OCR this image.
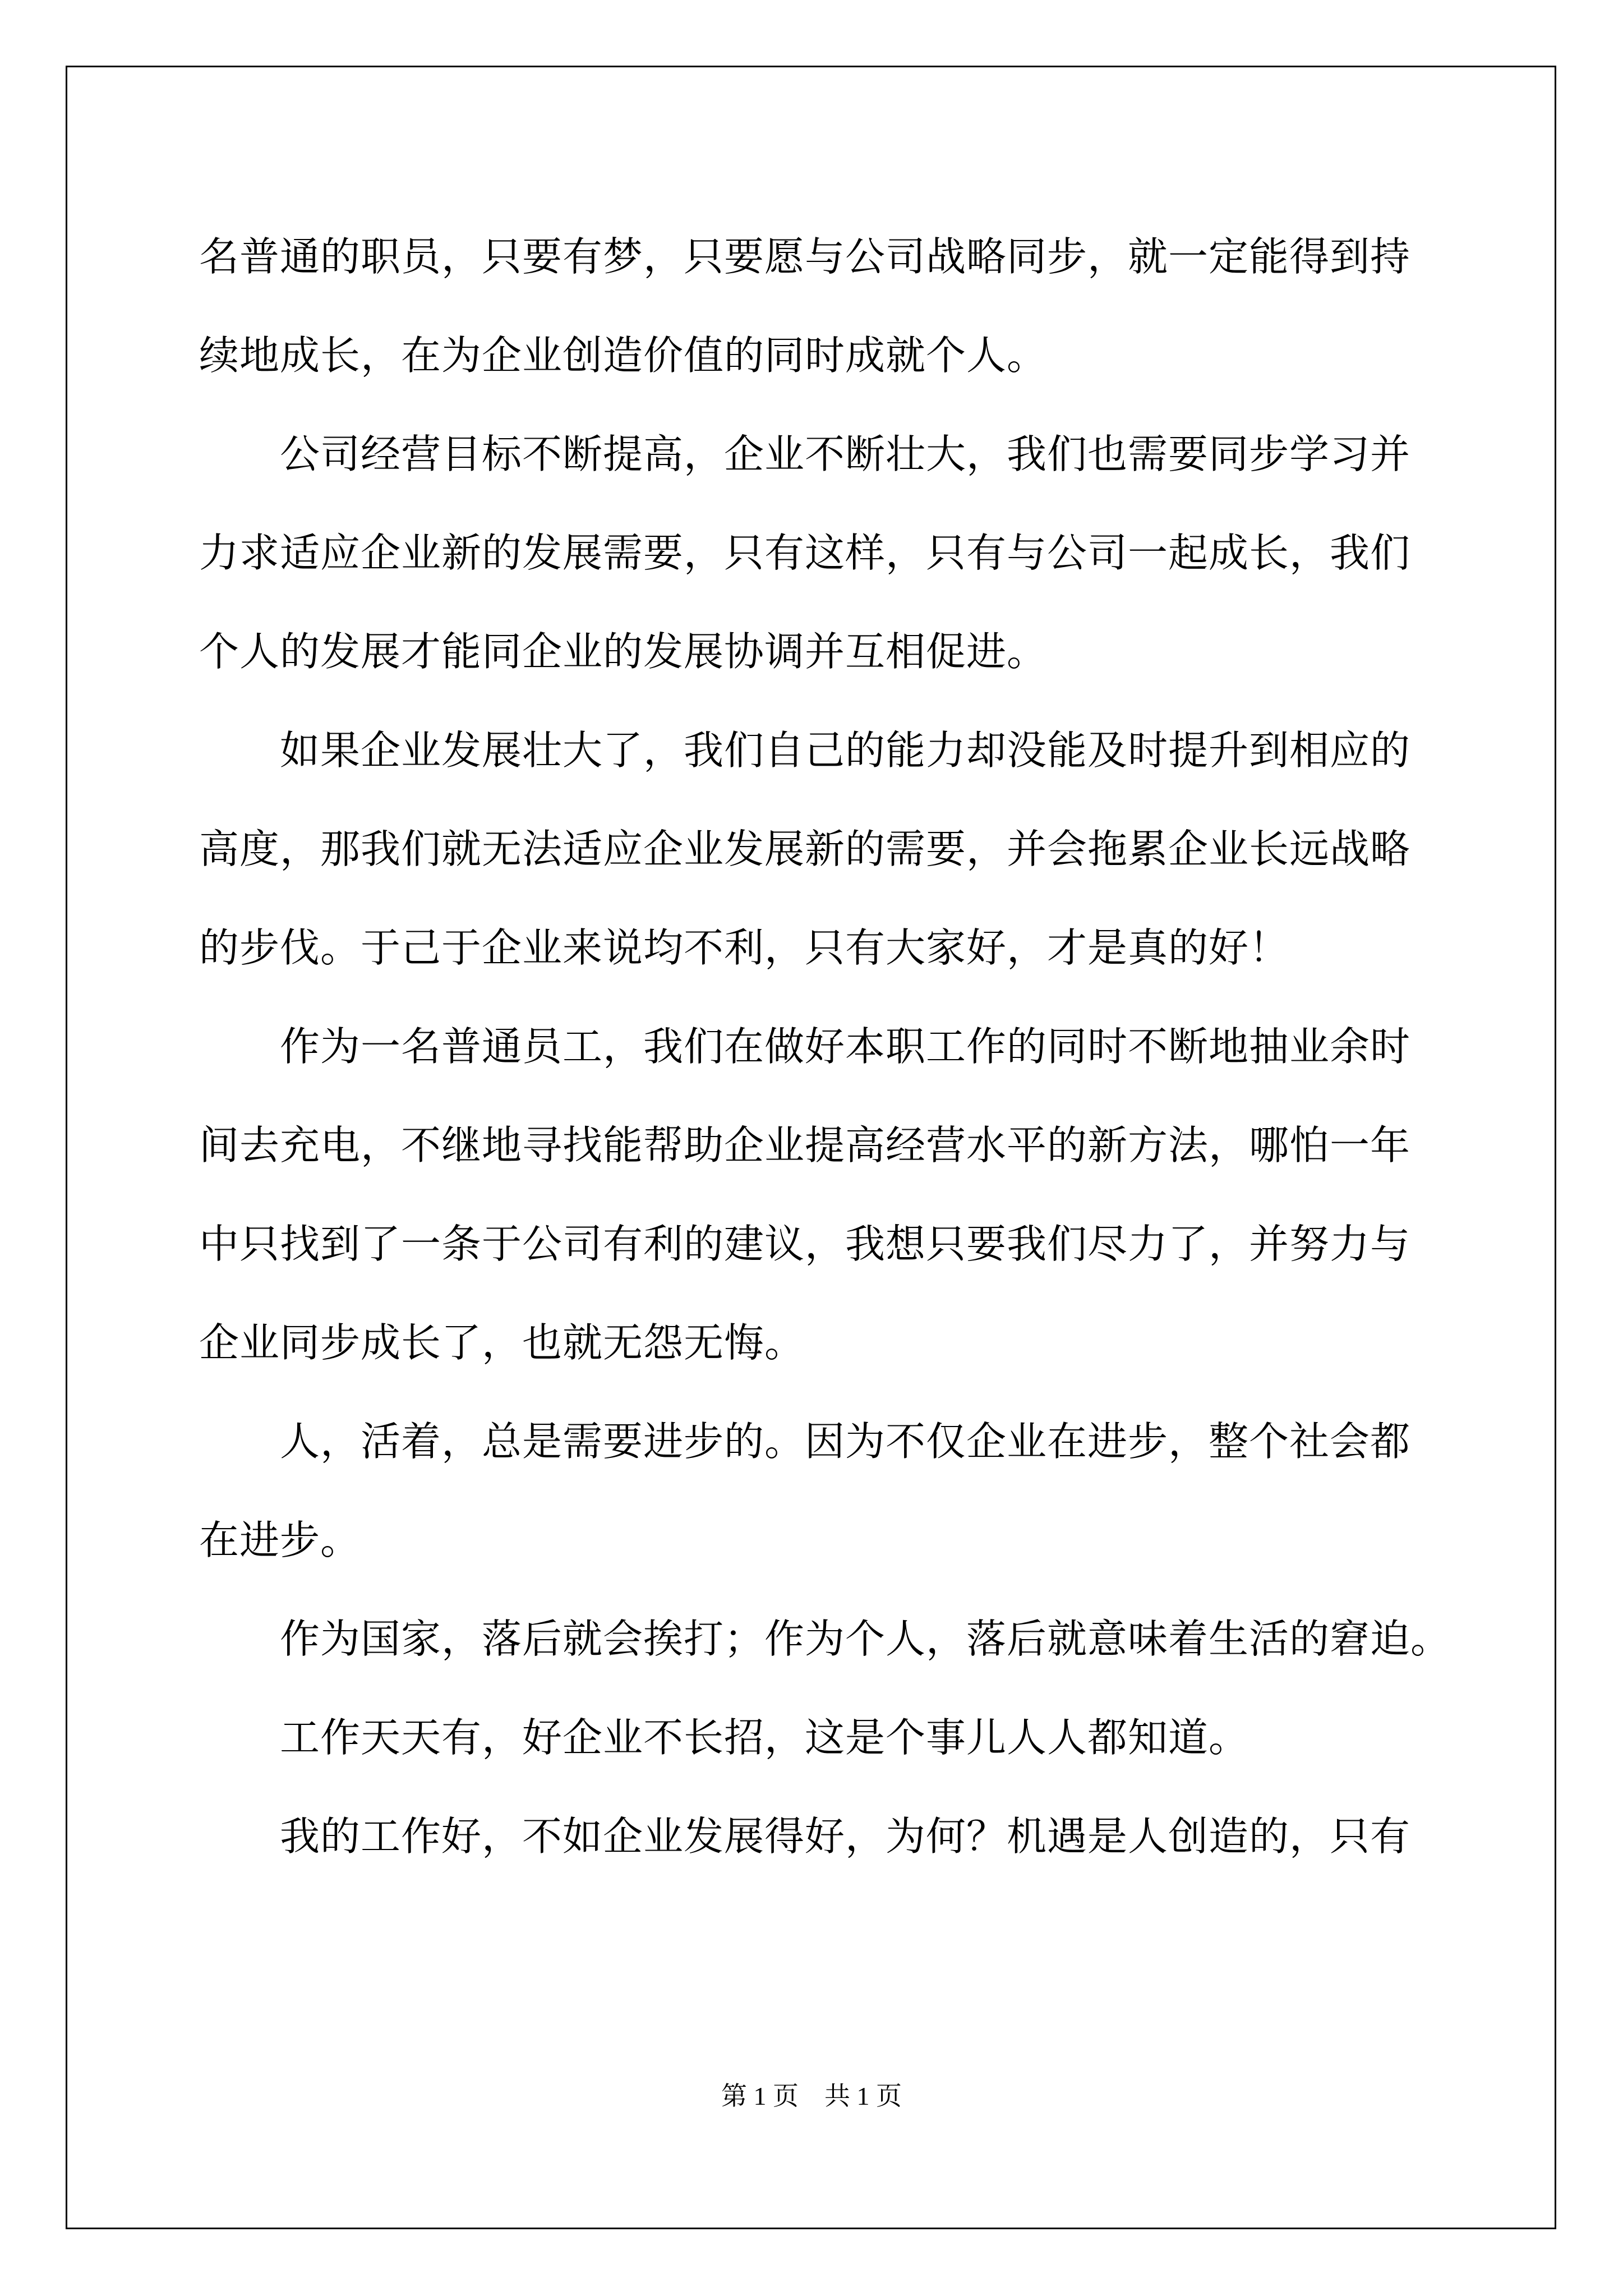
名普通的职员，只要有梦，只要愿与公司战略同步，就一定能得到持
续地成长，在为企业创造价值的同时成就个人。
　　公司经营目标不断提高，企业不断壮大，我们也需要同步学习并
力求适应企业新的发展需要，只有这样，只有与公司一起成长，我们
个人的发展才能同企业的发展协调并互相促进。
　　如果企业发展壮大了，我们自己的能力却没能及时提升到相应的
高度，那我们就无法适应企业发展新的需要，并会拖累企业长远战略
的步伐。于己于企业来说均不利，只有大家好，才是真的好！
　　作为一名普通员工，我们在做好本职工作的同时不断地抽业余时
间去充电，不继地寻找能帮助企业提高经营水平的新方法，哪怕一年
中只找到了一条于公司有利的建议，我想只要我们尽力了，并努力与
企业同步成长了，也就无怨无悔。
　　人，活着，总是需要进步的。因为不仅企业在进步，整个社会都
在进步。
　　作为国家，落后就会挨打；作为个人，落后就意味着生活的窘迫。
　　工作天天有，好企业不长招，这是个事儿人人都知道。
　　我的工作好，不如企业发展得好，为何？机遇是人创造的，只有
第 1 页　共 1 页
